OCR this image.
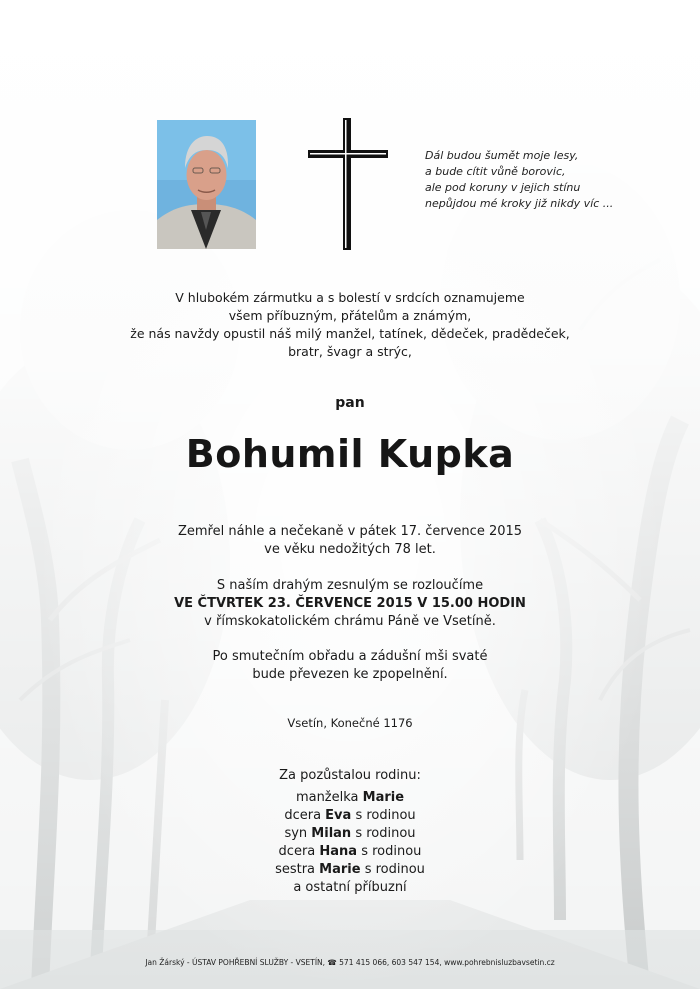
Dál budou šumět moje lesy,
a bude cítit vůně borovic,
ale pod koruny v jejich stínu
nepůjdou mé kroky již nikdy víc ...
V hlubokém zármutku a s bolestí v srdcích oznamujeme
všem příbuzným, přátelům a známým,
že nás navždy opustil náš milý manžel, tatínek, dědeček, pradědeček,
bratr, švagr a strýc,
pan
Bohumil Kupka
Zemřel náhle a nečekaně v pátek 17. července 2015
ve věku nedožitých 78 let.
S naším drahým zesnulým se rozloučíme
VE ČTVRTEK 23. ČERVENCE 2015 V 15.00 HODIN
v římskokatolickém chrámu Páně ve Vsetíně.
Po smutečním obřadu a zádušní mši svaté
bude převezen ke zpopelnění.
Vsetín, Konečné 1176
Za pozůstalou rodinu:
manželka Marie
dcera Eva s rodinou
syn Milan s rodinou
dcera Hana s rodinou
sestra Marie s rodinou
a ostatní příbuzní
Jan Žárský - ÚSTAV POHŘEBNÍ SLUŽBY - VSETÍN, ☎ 571 415 066, 603 547 154, www.pohrebnisluzbavsetin.cz
